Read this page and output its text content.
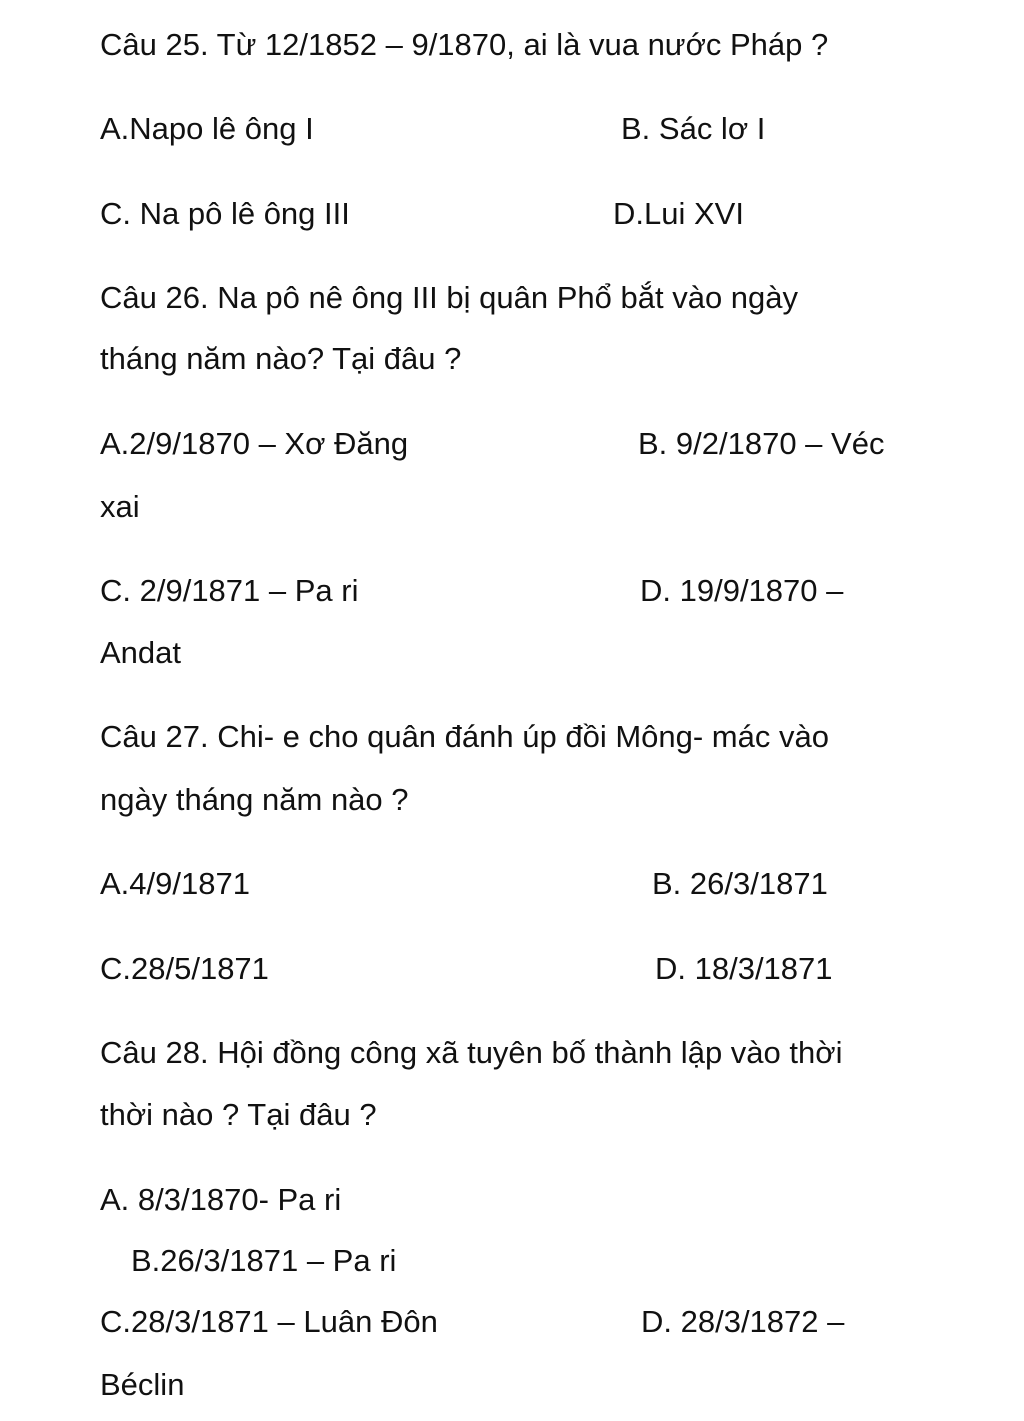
Câu 25. Từ 12/1852 – 9/1870, ai là vua nước Pháp ?

A.Napo lê ông I	B. Sác lơ I

C. Na pô lê ông III	D.Lui XVI

Câu 26. Na pô nê ông III bị quân Phổ bắt vào ngày

tháng năm nào? Tại đâu ?

A.2/9/1870 – Xơ Đăng	B. 9/2/1870 – Véc

xai

C. 2/9/1871 – Pa ri	D. 19/9/1870 –

Andat

Câu 27. Chi- e cho quân đánh úp đồi Mông- mác vào

ngày tháng năm nào ?

A.4/9/1871	B. 26/3/1871

C.28/5/1871	D. 18/3/1871

Câu 28. Hội đồng công xã tuyên bố thành lập vào thời

thời nào ? Tại đâu ?

A. 8/3/1870- Pa ri

B.26/3/1871 – Pa ri

C.28/3/1871 – Luân Đôn	D. 28/3/1872 –

Béclin
